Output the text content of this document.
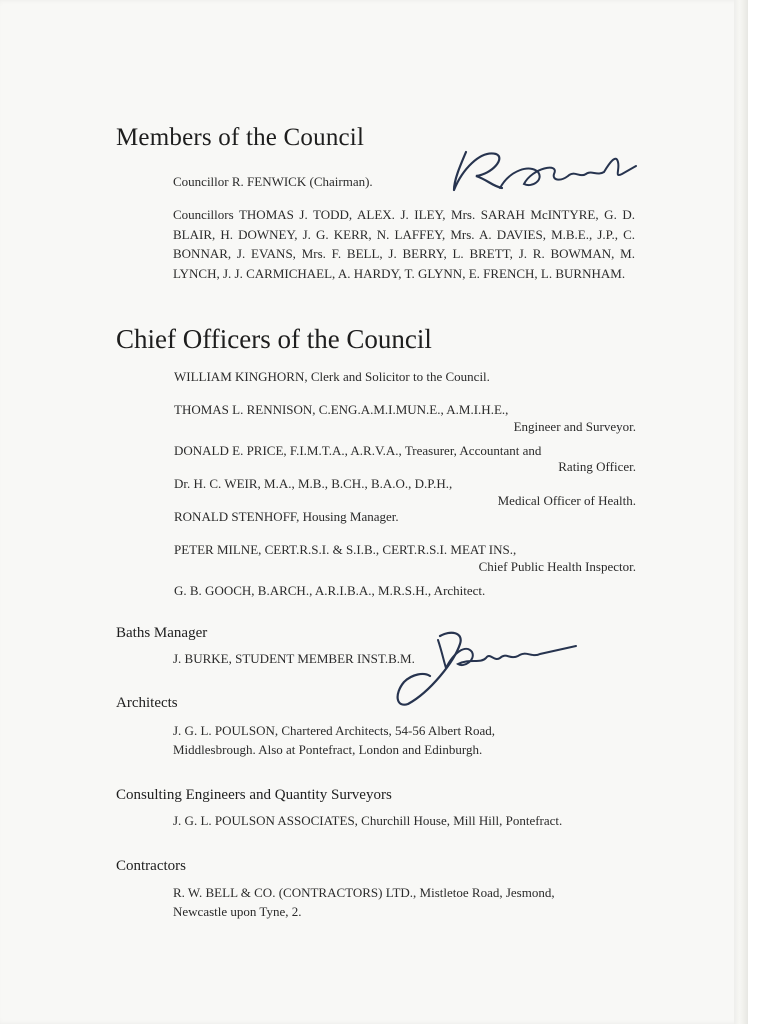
Members of the Council
Councillor R. FENWICK (Chairman).
Councillors THOMAS J. TODD, ALEX. J. ILEY, Mrs. SARAH McINTYRE, G. D. BLAIR, H. DOWNEY, J. G. KERR, N. LAFFEY, Mrs. A. DAVIES, M.B.E., J.P., C. BONNAR, J. EVANS, Mrs. F. BELL, J. BERRY, L. BRETT, J. R. BOWMAN, M. LYNCH, J. J. CARMICHAEL, A. HARDY, T. GLYNN, E. FRENCH, L. BURNHAM.
Chief Officers of the Council
WILLIAM KINGHORN, Clerk and Solicitor to the Council.
THOMAS L. RENNISON, C.ENG.A.M.I.MUN.E., A.M.I.H.E.,
Engineer and Surveyor.
DONALD E. PRICE, F.I.M.T.A., A.R.V.A., Treasurer, Accountant and
Rating Officer.
Dr. H. C. WEIR, M.A., M.B., B.CH., B.A.O., D.P.H.,
Medical Officer of Health.
RONALD STENHOFF, Housing Manager.
PETER MILNE, CERT.R.S.I. & S.I.B., CERT.R.S.I. MEAT INS.,
Chief Public Health Inspector.
G. B. GOOCH, B.ARCH., A.R.I.B.A., M.R.S.H., Architect.
Baths Manager
J. BURKE, STUDENT MEMBER INST.B.M.
Architects
J. G. L. POULSON, Chartered Architects, 54-56 Albert Road,
Middlesbrough. Also at Pontefract, London and Edinburgh.
Consulting Engineers and Quantity Surveyors
J. G. L. POULSON ASSOCIATES, Churchill House, Mill Hill, Pontefract.
Contractors
R. W. BELL & CO. (CONTRACTORS) LTD., Mistletoe Road, Jesmond,
Newcastle upon Tyne, 2.
